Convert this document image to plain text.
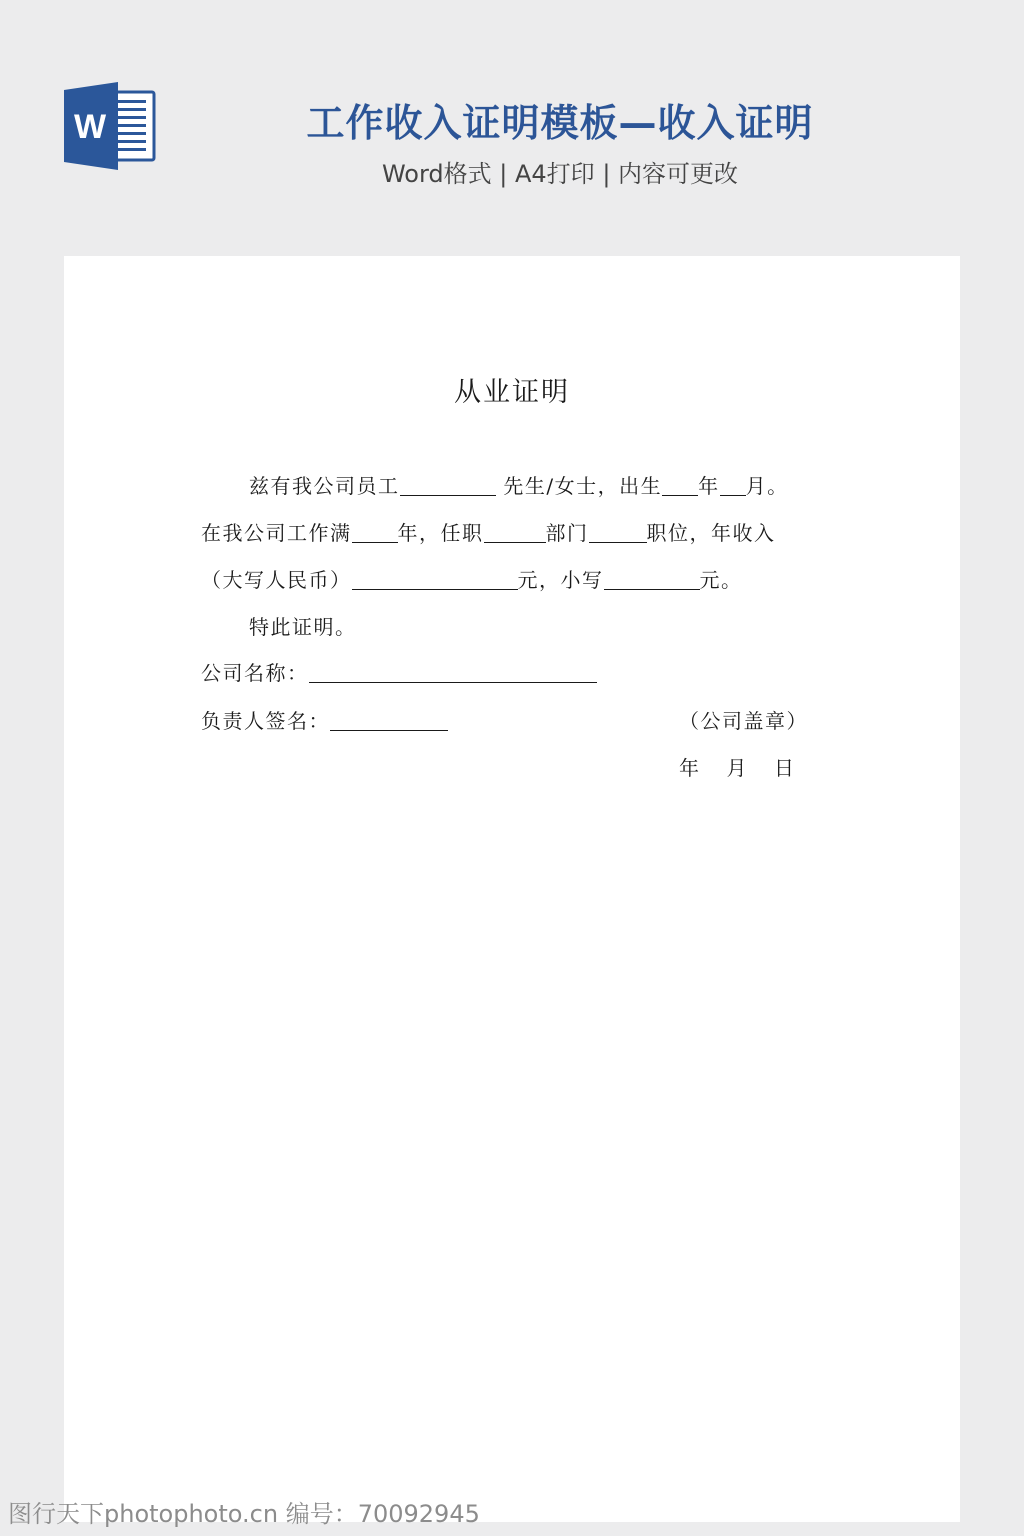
W	工作收入证明模板—收入证明
Word格式 | A4打印 | 内容可更改
从业证明
兹有我公司员工	先生/女士，出生 年 月。
在我公司工作满 年，任职	部门	职位，年收入
（大写人民币）	元，小写	元。
特此证明。
公司名称：
负责人签名：	（公司盖章）
年 月 日
图行天下photophoto.cn 编号：70092945
